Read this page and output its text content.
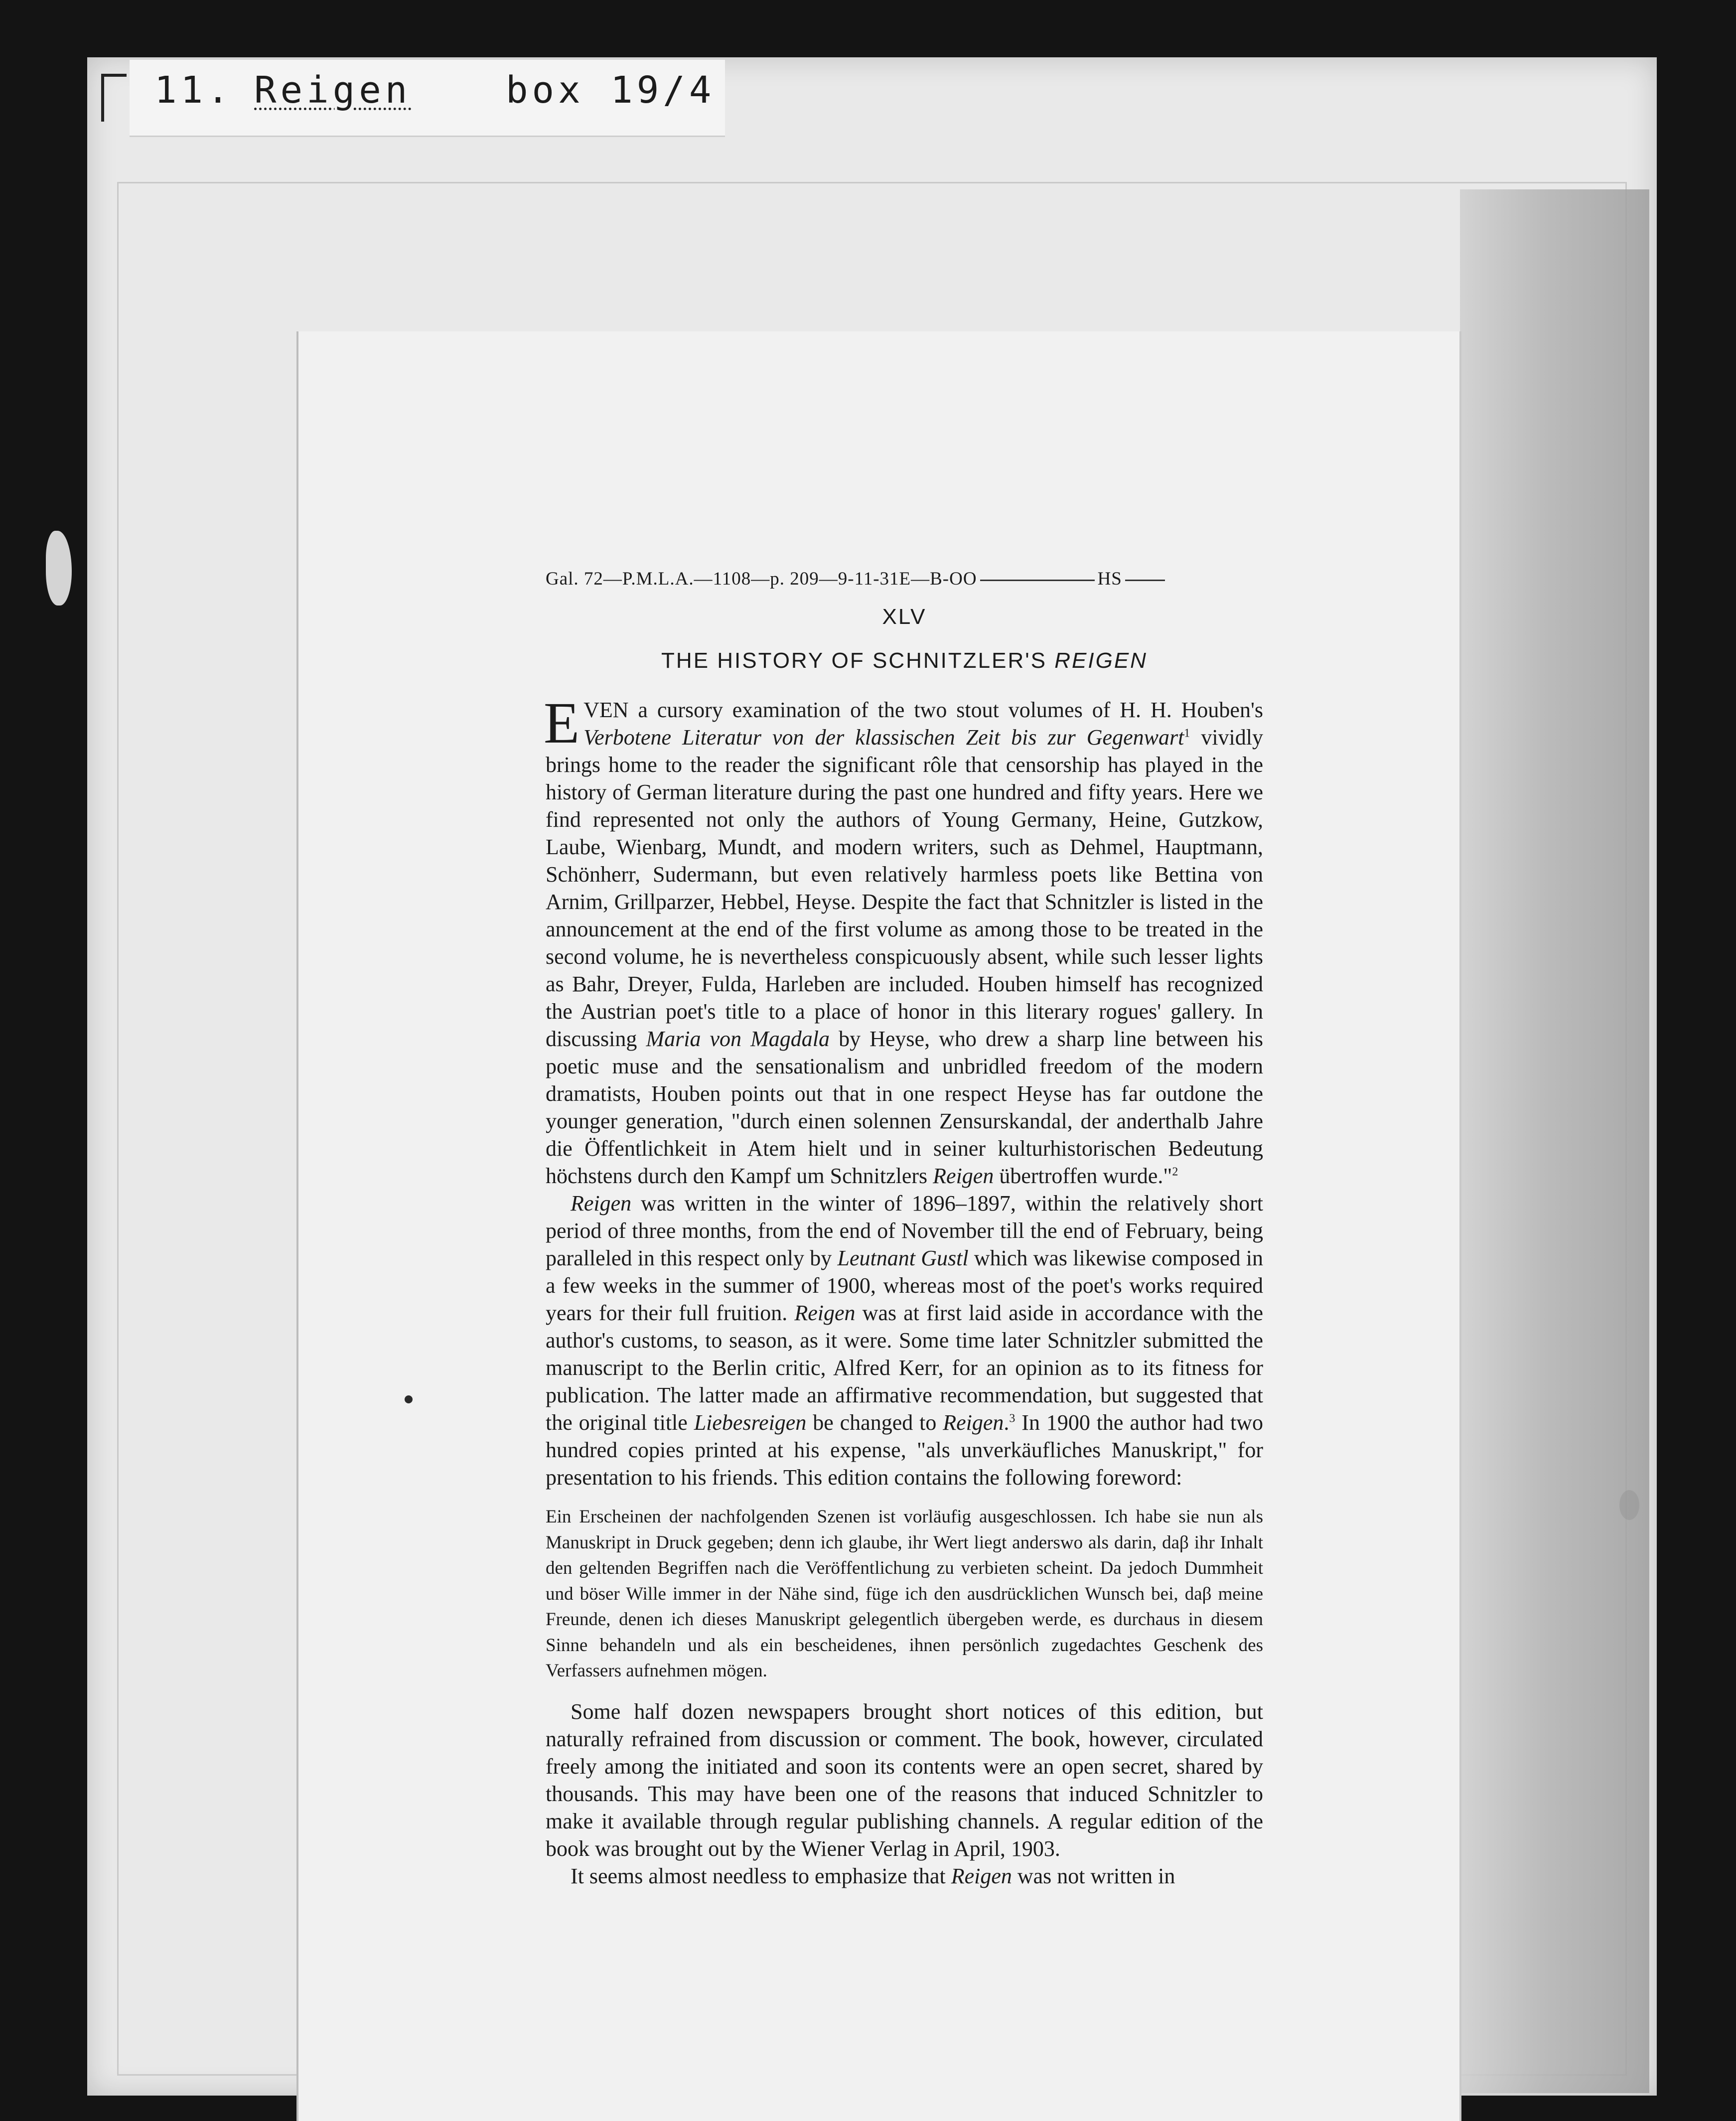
11. Reigen	box 19/4
Gal. 72—P.M.L.A.—1108—p. 209—9-11-31E—B-OO	HS
XLV
THE HISTORY OF SCHNITZLER'S REIGEN

EVEN a cursory examination of the two stout volumes of H. H. Houben's Verbotene Literatur von der klassischen Zeit bis zur Gegenwart$^1$ vividly brings home to the reader the significant rôle that censorship has played in the history of German literature during the past one hundred and fifty years. Here we find represented not only the authors of Young Germany, Heine, Gutzkow, Laube, Wienbarg, Mundt, and modern writers, such as Dehmel, Hauptmann, Schönherr, Sudermann, but even relatively harmless poets like Bettina von Arnim, Grillparzer, Hebbel, Heyse. Despite the fact that Schnitzler is listed in the announcement at the end of the first volume as among those to be treated in the second volume, he is nevertheless conspicuously absent, while such lesser lights as Bahr, Dreyer, Fulda, Harleben are included. Houben himself has recognized the Austrian poet's title to a place of honor in this literary rogues' gallery. In discussing Maria von Magdala by Heyse, who drew a sharp line between his poetic muse and the sensationalism and unbridled freedom of the modern dramatists, Houben points out that in one respect Heyse has far outdone the younger generation, "durch einen solennen Zensurskandal, der anderthalb Jahre die Öffentlichkeit in Atem hielt und in seiner kulturhistorischen Bedeutung höchstens durch den Kampf um Schnitzlers Reigen übertroffen wurde."$^2$

Reigen was written in the winter of 1896–1897, within the relatively short period of three months, from the end of November till the end of February, being paralleled in this respect only by Leutnant Gustl which was likewise composed in a few weeks in the summer of 1900, whereas most of the poet's works required years for their full fruition. Reigen was at first laid aside in accordance with the author's customs, to season, as it were. Some time later Schnitzler submitted the manuscript to the Berlin critic, Alfred Kerr, for an opinion as to its fitness for publication. The latter made an affirmative recommendation, but suggested that the original title Liebesreigen be changed to Reigen.$^3$ In 1900 the author had two hundred copies printed at his expense, "als unverkäufliches Manuskript," for presentation to his friends. This edition contains the following foreword:

Ein Erscheinen der nachfolgenden Szenen ist vorläufig ausgeschlossen. Ich habe sie nun als Manuskript in Druck gegeben; denn ich glaube, ihr Wert liegt anderswo als darin, daβ ihr Inhalt den geltenden Begriffen nach die Veröffentlichung zu verbieten scheint. Da jedoch Dummheit und böser Wille immer in der Nähe sind, füge ich den ausdrücklichen Wunsch bei, daβ meine Freunde, denen ich dieses Manuskript gelegentlich übergeben werde, es durchaus in diesem Sinne behandeln und als ein bescheidenes, ihnen persönlich zugedachtes Geschenk des Verfassers aufnehmen mögen.

Some half dozen newspapers brought short notices of this edition, but naturally refrained from discussion or comment. The book, however, circulated freely among the initiated and soon its contents were an open secret, shared by thousands. This may have been one of the reasons that induced Schnitzler to make it available through regular publishing channels. A regular edition of the book was brought out by the Wiener Verlag in April, 1903.

It seems almost needless to emphasize that Reigen was not written in
